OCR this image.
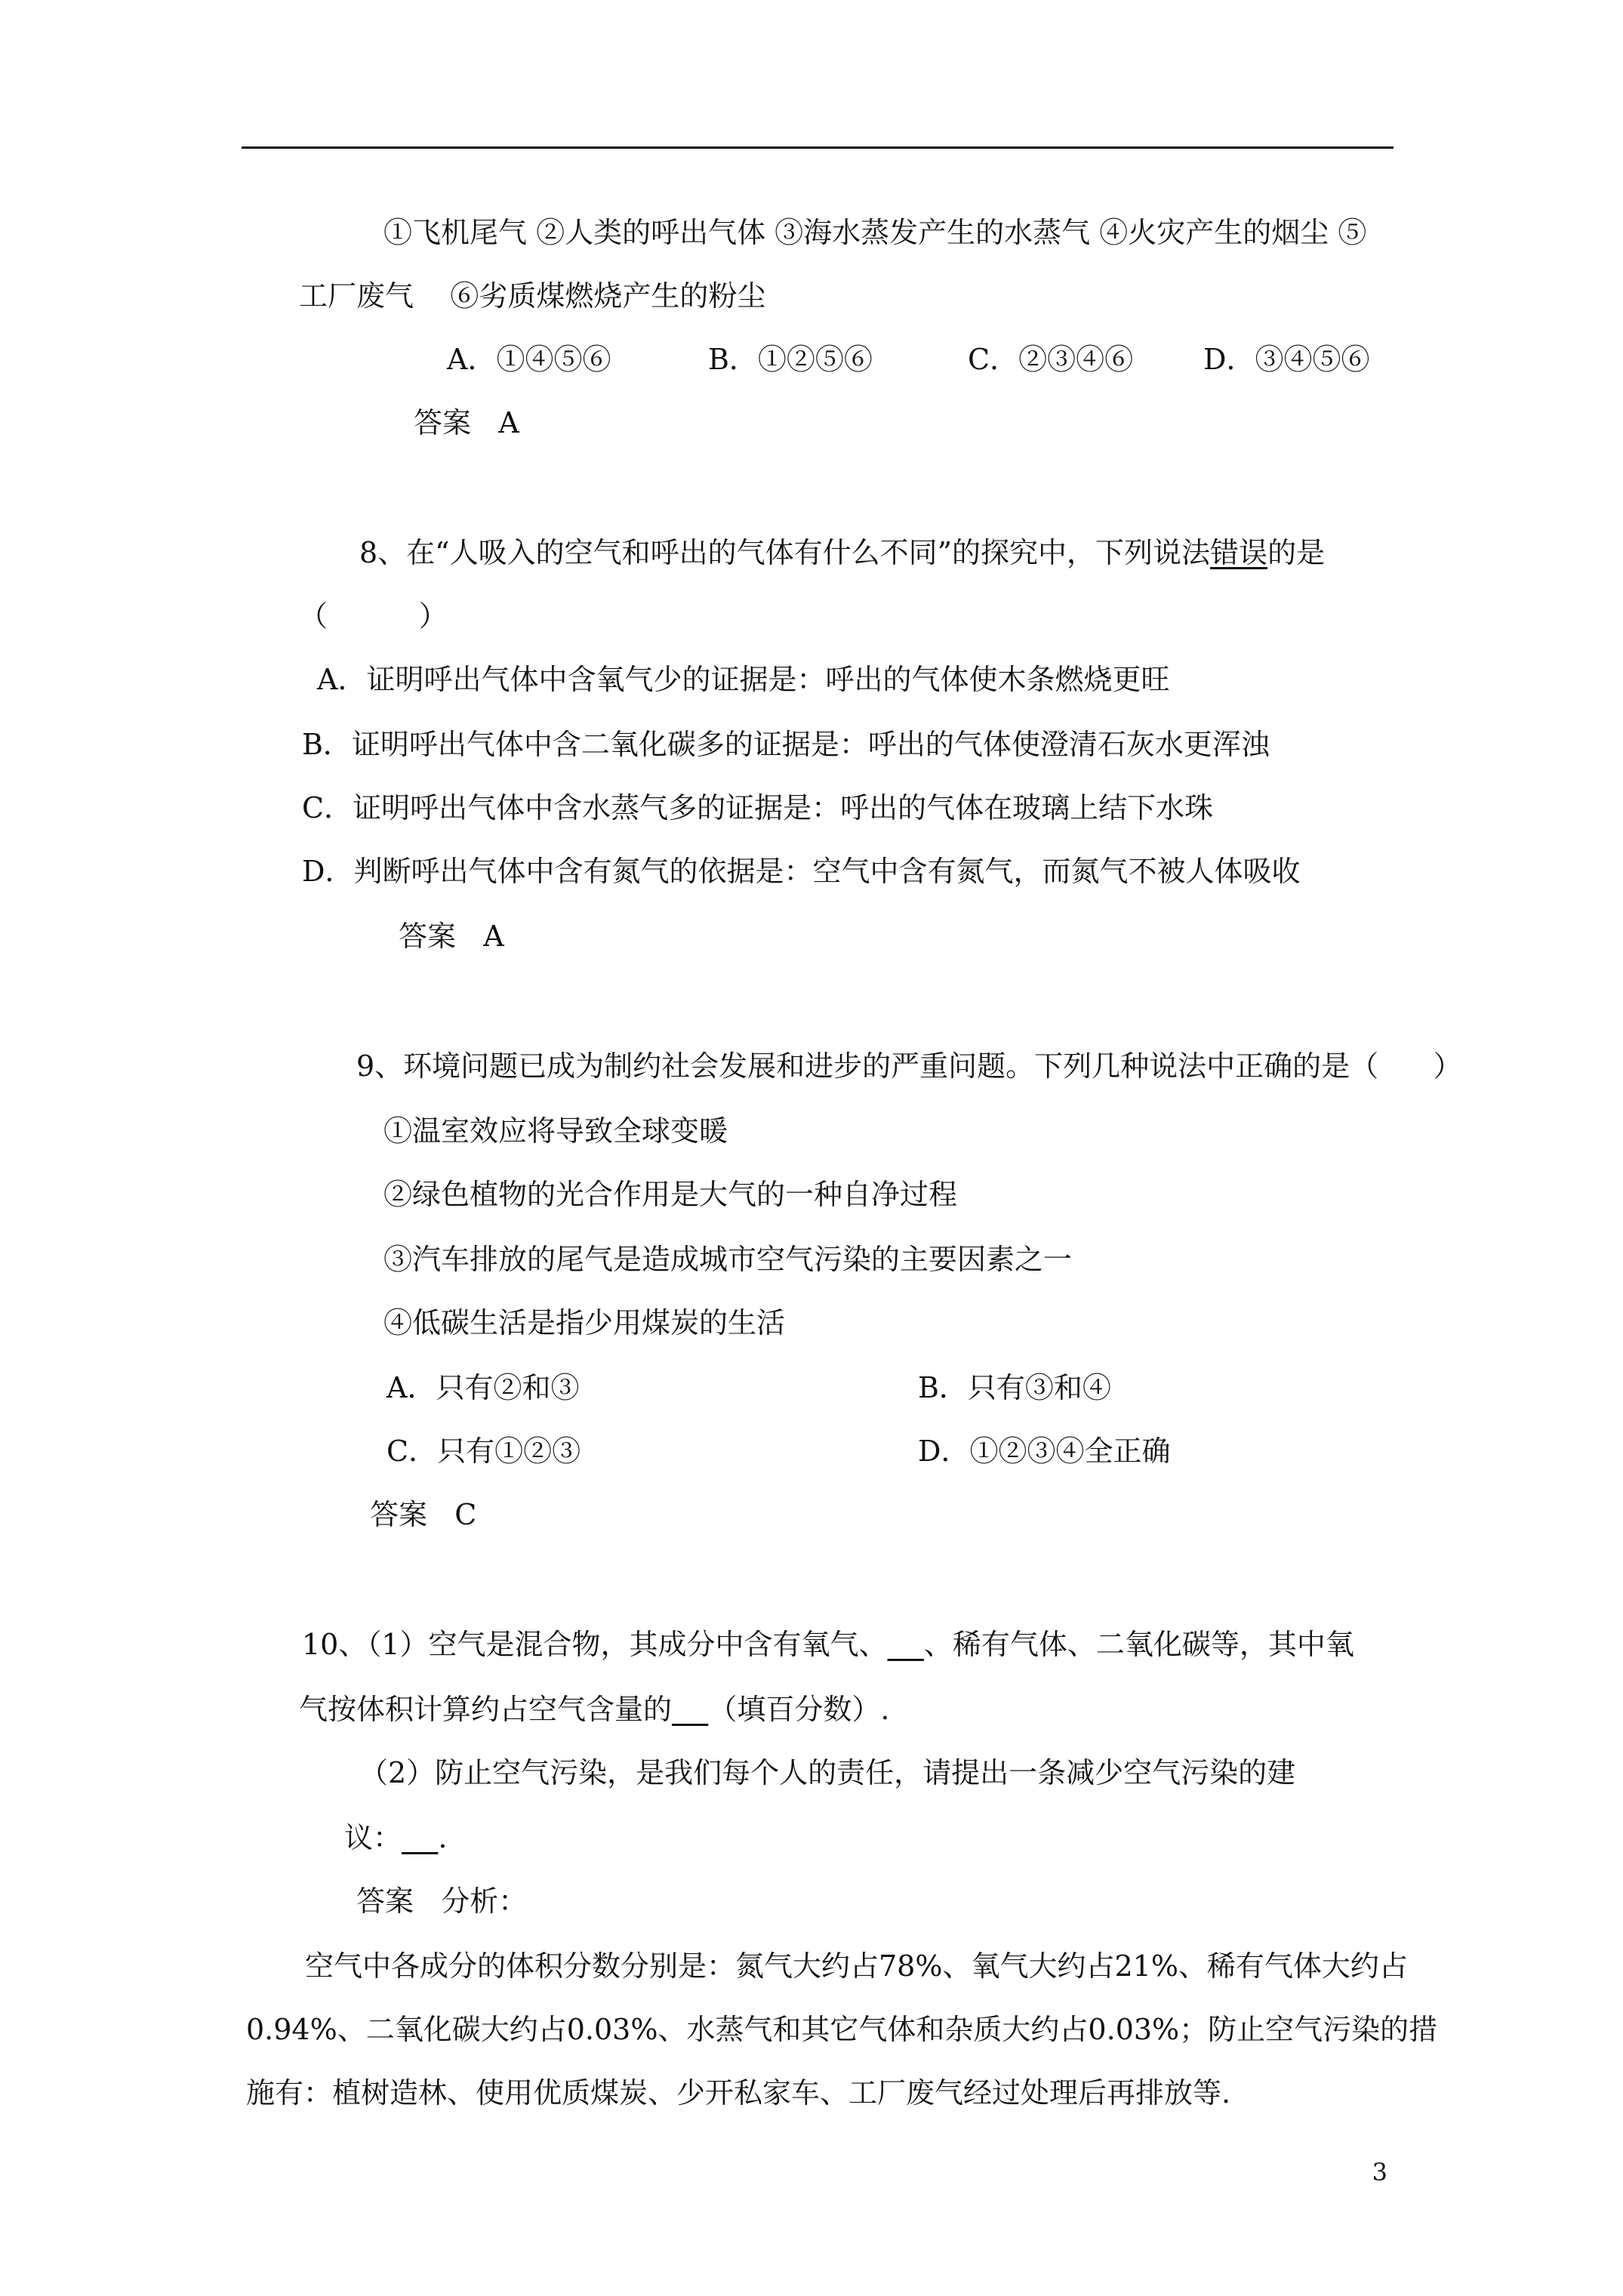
①飞机尾气 ②人类的呼出气体 ③海水蒸发产生的水蒸气 ④火灾产生的烟尘 ⑤
工厂废气    ⑥劣质煤燃烧产生的粉尘
A．①④⑤⑥	B．①②⑤⑥	C．②③④⑥ D．③④⑤⑥
答案   A
8、在“人吸入的空气和呼出的气体有什么不同”的探究中，下列说法错误的是
（          ）
A．证明呼出气体中含氧气少的证据是：呼出的气体使木条燃烧更旺
B．证明呼出气体中含二氧化碳多的证据是：呼出的气体使澄清石灰水更浑浊
C．证明呼出气体中含水蒸气多的证据是：呼出的气体在玻璃上结下水珠
D．判断呼出气体中含有氮气的依据是：空气中含有氮气，而氮气不被人体吸收
答案   A
9、环境问题已成为制约社会发展和进步的严重问题。下列几种说法中正确的是（      ）
①温室效应将导致全球变暖
②绿色植物的光合作用是大气的一种自净过程
③汽车排放的尾气是造成城市空气污染的主要因素之一
④低碳生活是指少用煤炭的生活
A．只有②和③	B．只有③和④
C．只有①②③	D．①②③④全正确
答案   C
10、（1）空气是混合物，其成分中含有氧气、 、稀有气体、二氧化碳等，其中氧
气按体积计算约占空气含量的 （填百分数）.
（2）防止空气污染，是我们每个人的责任，请提出一条减少空气污染的建
议： .
答案   分析：
空气中各成分的体积分数分别是：氮气大约占78%、氧气大约占21%、稀有气体大约占
0.94%、二氧化碳大约占0.03%、水蒸气和其它气体和杂质大约占0.03%；防止空气污染的措
施有：植树造林、使用优质煤炭、少开私家车、工厂废气经过处理后再排放等.
3
